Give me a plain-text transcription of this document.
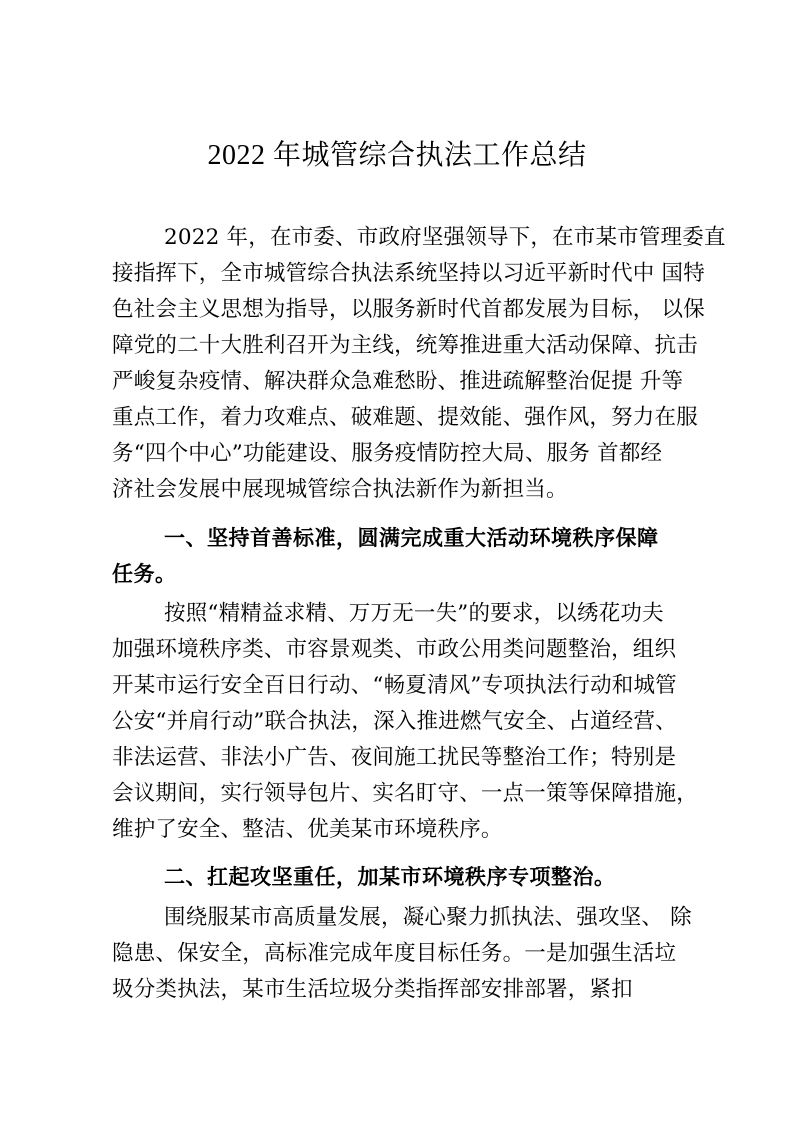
2022 年城管综合执法工作总结
2022 年，在市委、市政府坚强领导下，在市某市管理委直
接指挥下，全市城管综合执法系统坚持以习近平新时代中 国特
色社会主义思想为指导，以服务新时代首都发展为目标， 以保
障党的二十大胜利召开为主线，统筹推进重大活动保障、抗击
严峻复杂疫情、解决群众急难愁盼、推进疏解整治促提 升等
重点工作，着力攻难点、破难题、提效能、强作风，努力在服
务“四个中心”功能建设、服务疫情防控大局、服务 首都经
济社会发展中展现城管综合执法新作为新担当。
一、坚持首善标准，圆满完成重大活动环境秩序保障
任务。
按照“精精益求精、万万无一失”的要求，以绣花功夫
加强环境秩序类、市容景观类、市政公用类问题整治，组织
开某市运行安全百日行动、“畅夏清风”专项执法行动和城管
公安“并肩行动”联合执法，深入推进燃气安全、占道经营、
非法运营、非法小广告、夜间施工扰民等整治工作；特别是
会议期间，实行领导包片、实名盯守、一点一策等保障措施，
维护了安全、整洁、优美某市环境秩序。
二、扛起攻坚重任，加某市环境秩序专项整治。
围绕服某市高质量发展，凝心聚力抓执法、强攻坚、 除
隐患、保安全，高标准完成年度目标任务。一是加强生活垃
圾分类执法，某市生活垃圾分类指挥部安排部署，紧扣
